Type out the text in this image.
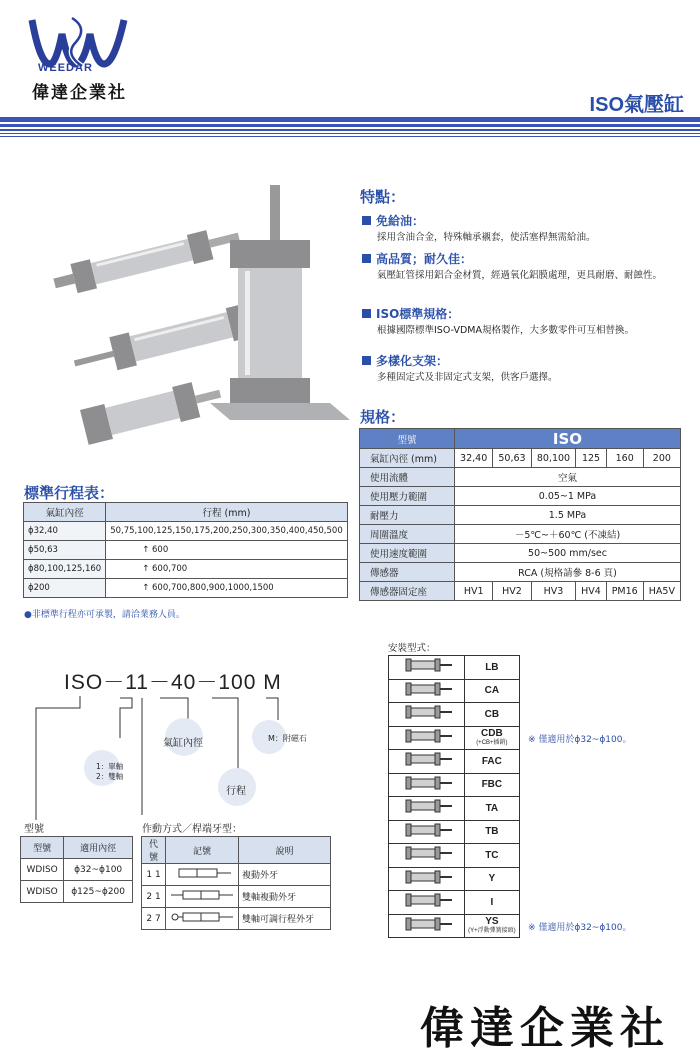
WEEDAR
偉達企業社
ISO氣壓缸
特點：
免給油：
採用含油合金，特殊軸承襯套，使活塞桿無需給油。
高品質；耐久佳：
氣壓缸管採用鋁合金材質，經過氧化鋁膜處理，更具耐磨、耐蝕性。
ISO標準規格：
根據國際標準ISO-VDMA規格製作，大多數零件可互相替換。
多樣化支架：
多種固定式及非固定式支架，供客戶選擇。
規格：
型號	ISO					
氣缸內徑 (mm)	32,40	50,63	80,100	125	160	200
使用流體	空氣					
使用壓力範圍	0.05~1 MPa					
耐壓力	1.5 MPa					
周圍溫度	－5℃~＋60℃ (不凍結)					
使用速度範圍	50~500 mm/sec					
傳感器	RCA (規格請參 8-6 頁)					
傳感器固定座	HV1	HV2	HV3	HV4	PM16	HA5V
標準行程表：
氣缸內徑	行程 (mm)
ϕ32,40	50,75,100,125,150,175,200,250,300,350,400,450,500
ϕ50,63	↑ 600
ϕ80,100,125,160	↑ 600,700
ϕ200	↑ 600,700,800,900,1000,1500
●非標準行程亦可承製，請洽業務人員。
ISO－11－40－100 M
氣缸內徑	M：附磁石
1：單軸
2：雙軸
行程
型號
型號	適用內徑
WDISO	ϕ32~ϕ100
WDISO	ϕ125~ϕ200
作動方式／桿端牙型：
代號	記號	說明
1 1		複動外牙
2 1		雙軸複動外牙
2 7		雙軸可調行程外牙
安裝型式：

LB

CA

CB

CDB
(+CB+插銷)

FAC

FBC

TA

TB

TC

Y

I

YS
(Y+浮動彈簧接頭)
※ 僅適用於ϕ32~ϕ100。
※ 僅適用於ϕ32~ϕ100。
偉達企業社
